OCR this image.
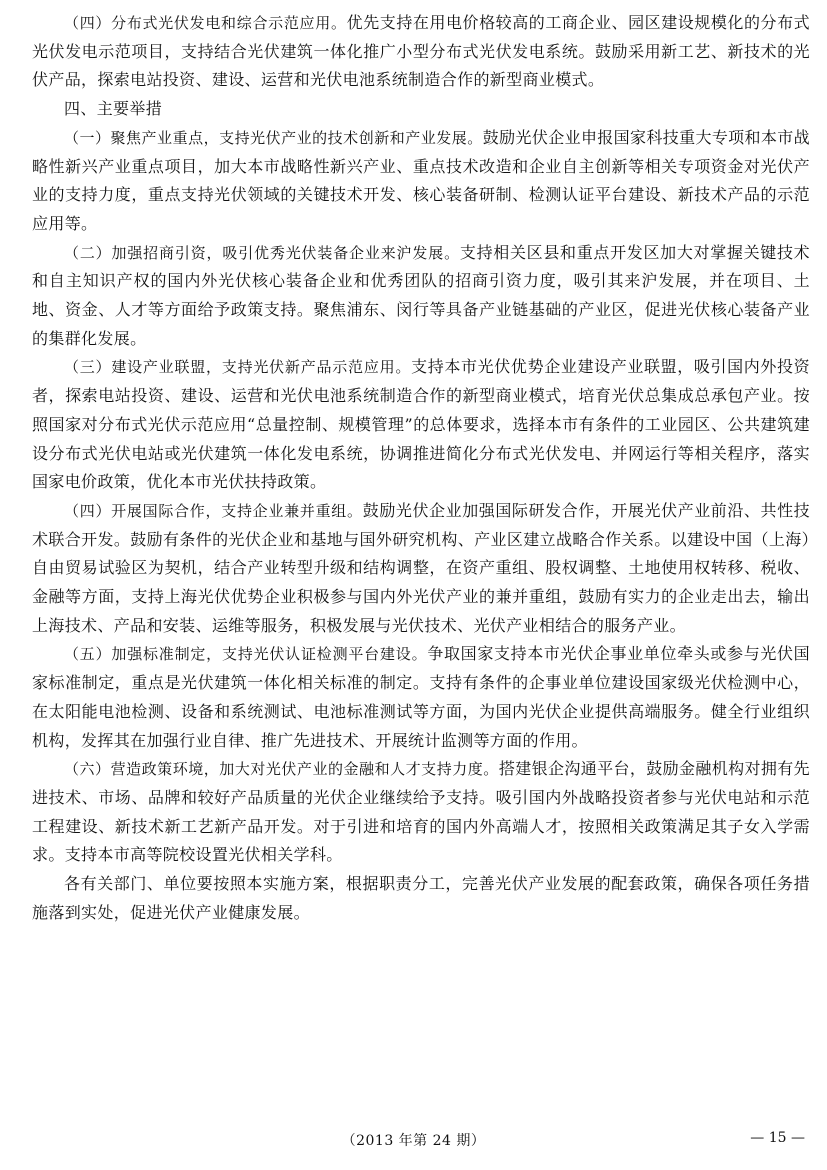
（四）分布式光伏发电和综合示范应用。优先支持在用电价格较高的工商企业、园区建设规模化的分布式光伏发电示范项目，支持结合光伏建筑一体化推广小型分布式光伏发电系统。鼓励采用新工艺、新技术的光伏产品，探索电站投资、建设、运营和光伏电池系统制造合作的新型商业模式。

四、主要举措

（一）聚焦产业重点，支持光伏产业的技术创新和产业发展。鼓励光伏企业申报国家科技重大专项和本市战略性新兴产业重点项目，加大本市战略性新兴产业、重点技术改造和企业自主创新等相关专项资金对光伏产业的支持力度，重点支持光伏领域的关键技术开发、核心装备研制、检测认证平台建设、新技术产品的示范应用等。

（二）加强招商引资，吸引优秀光伏装备企业来沪发展。支持相关区县和重点开发区加大对掌握关键技术和自主知识产权的国内外光伏核心装备企业和优秀团队的招商引资力度，吸引其来沪发展，并在项目、土地、资金、人才等方面给予政策支持。聚焦浦东、闵行等具备产业链基础的产业区，促进光伏核心装备产业的集群化发展。

（三）建设产业联盟，支持光伏新产品示范应用。支持本市光伏优势企业建设产业联盟，吸引国内外投资者，探索电站投资、建设、运营和光伏电池系统制造合作的新型商业模式，培育光伏总集成总承包产业。按照国家对分布式光伏示范应用“总量控制、规模管理”的总体要求，选择本市有条件的工业园区、公共建筑建设分布式光伏电站或光伏建筑一体化发电系统，协调推进简化分布式光伏发电、并网运行等相关程序，落实国家电价政策，优化本市光伏扶持政策。

（四）开展国际合作，支持企业兼并重组。鼓励光伏企业加强国际研发合作，开展光伏产业前沿、共性技术联合开发。鼓励有条件的光伏企业和基地与国外研究机构、产业区建立战略合作关系。以建设中国（上海）自由贸易试验区为契机，结合产业转型升级和结构调整，在资产重组、股权调整、土地使用权转移、税收、金融等方面，支持上海光伏优势企业积极参与国内外光伏产业的兼并重组，鼓励有实力的企业走出去，输出上海技术、产品和安装、运维等服务，积极发展与光伏技术、光伏产业相结合的服务产业。

（五）加强标准制定，支持光伏认证检测平台建设。争取国家支持本市光伏企事业单位牵头或参与光伏国家标准制定，重点是光伏建筑一体化相关标准的制定。支持有条件的企事业单位建设国家级光伏检测中心，在太阳能电池检测、设备和系统测试、电池标准测试等方面，为国内光伏企业提供高端服务。健全行业组织机构，发挥其在加强行业自律、推广先进技术、开展统计监测等方面的作用。

（六）营造政策环境，加大对光伏产业的金融和人才支持力度。搭建银企沟通平台，鼓励金融机构对拥有先进技术、市场、品牌和较好产品质量的光伏企业继续给予支持。吸引国内外战略投资者参与光伏电站和示范工程建设、新技术新工艺新产品开发。对于引进和培育的国内外高端人才，按照相关政策满足其子女入学需求。支持本市高等院校设置光伏相关学科。

各有关部门、单位要按照本实施方案，根据职责分工，完善光伏产业发展的配套政策，确保各项任务措施落到实处，促进光伏产业健康发展。

（2013 年第 24 期）	— 15 —
